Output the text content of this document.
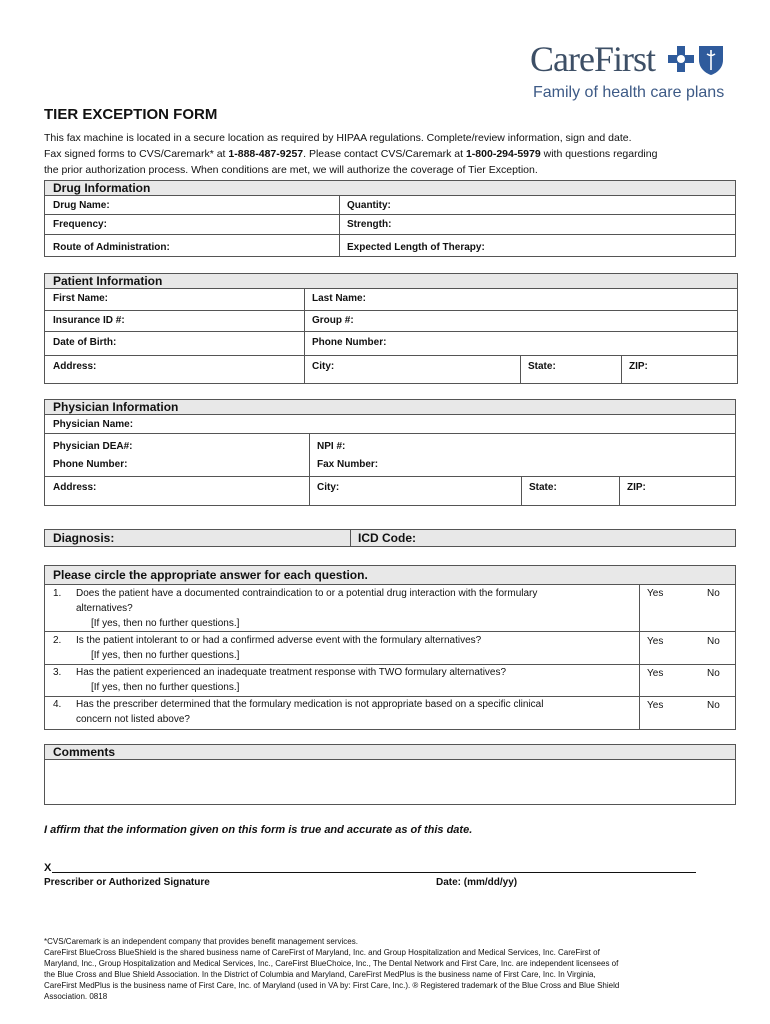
CareFirst
Family of health care plans
TIER EXCEPTION FORM
This fax machine is located in a secure location as required by HIPAA regulations. Complete/review information, sign and date.
Fax signed forms to CVS/Caremark* at 1-888-487-9257. Please contact CVS/Caremark at 1-800-294-5979 with questions regarding
the prior authorization process. When conditions are met, we will authorize the coverage of Tier Exception.
Drug Information
Drug Name:	Quantity:
Frequency:	Strength:
Route of Administration:	Expected Length of Therapy:
Patient Information
First Name:	Last Name:
Insurance ID #:	Group #:
Date of Birth:	Phone Number:
Address:	City:	State:	ZIP:
Physician Information
Physician Name:
Physician DEA#:	NPI #:
Phone Number:	Fax Number:
Address:	City:	State:	ZIP:
Diagnosis:	ICD Code:
Please circle the appropriate answer for each question.
1. Does the patient have a documented contraindication to or a potential drug interaction with the formulary
alternatives?
[If yes, then no further questions.]
Yes	No
2. Is the patient intolerant to or had a confirmed adverse event with the formulary alternatives?
[If yes, then no further questions.]
Yes	No
3. Has the patient experienced an inadequate treatment response with TWO formulary alternatives?
[If yes, then no further questions.]
Yes	No
4. Has the prescriber determined that the formulary medication is not appropriate based on a specific clinical
concern not listed above?
Yes	No
Comments
I affirm that the information given on this form is true and accurate as of this date.
X
Prescriber or Authorized Signature	Date: (mm/dd/yy)
*CVS/Caremark is an independent company that provides benefit management services.
CareFirst BlueCross BlueShield is the shared business name of CareFirst of Maryland, Inc. and Group Hospitalization and Medical Services, Inc. CareFirst of
Maryland, Inc., Group Hospitalization and Medical Services, Inc., CareFirst BlueChoice, Inc., The Dental Network and First Care, Inc. are independent licensees of
the Blue Cross and Blue Shield Association. In the District of Columbia and Maryland, CareFirst MedPlus is the business name of First Care, Inc. In Virginia,
CareFirst MedPlus is the business name of First Care, Inc. of Maryland (used in VA by: First Care, Inc.). ® Registered trademark of the Blue Cross and Blue Shield
Association. 0818
